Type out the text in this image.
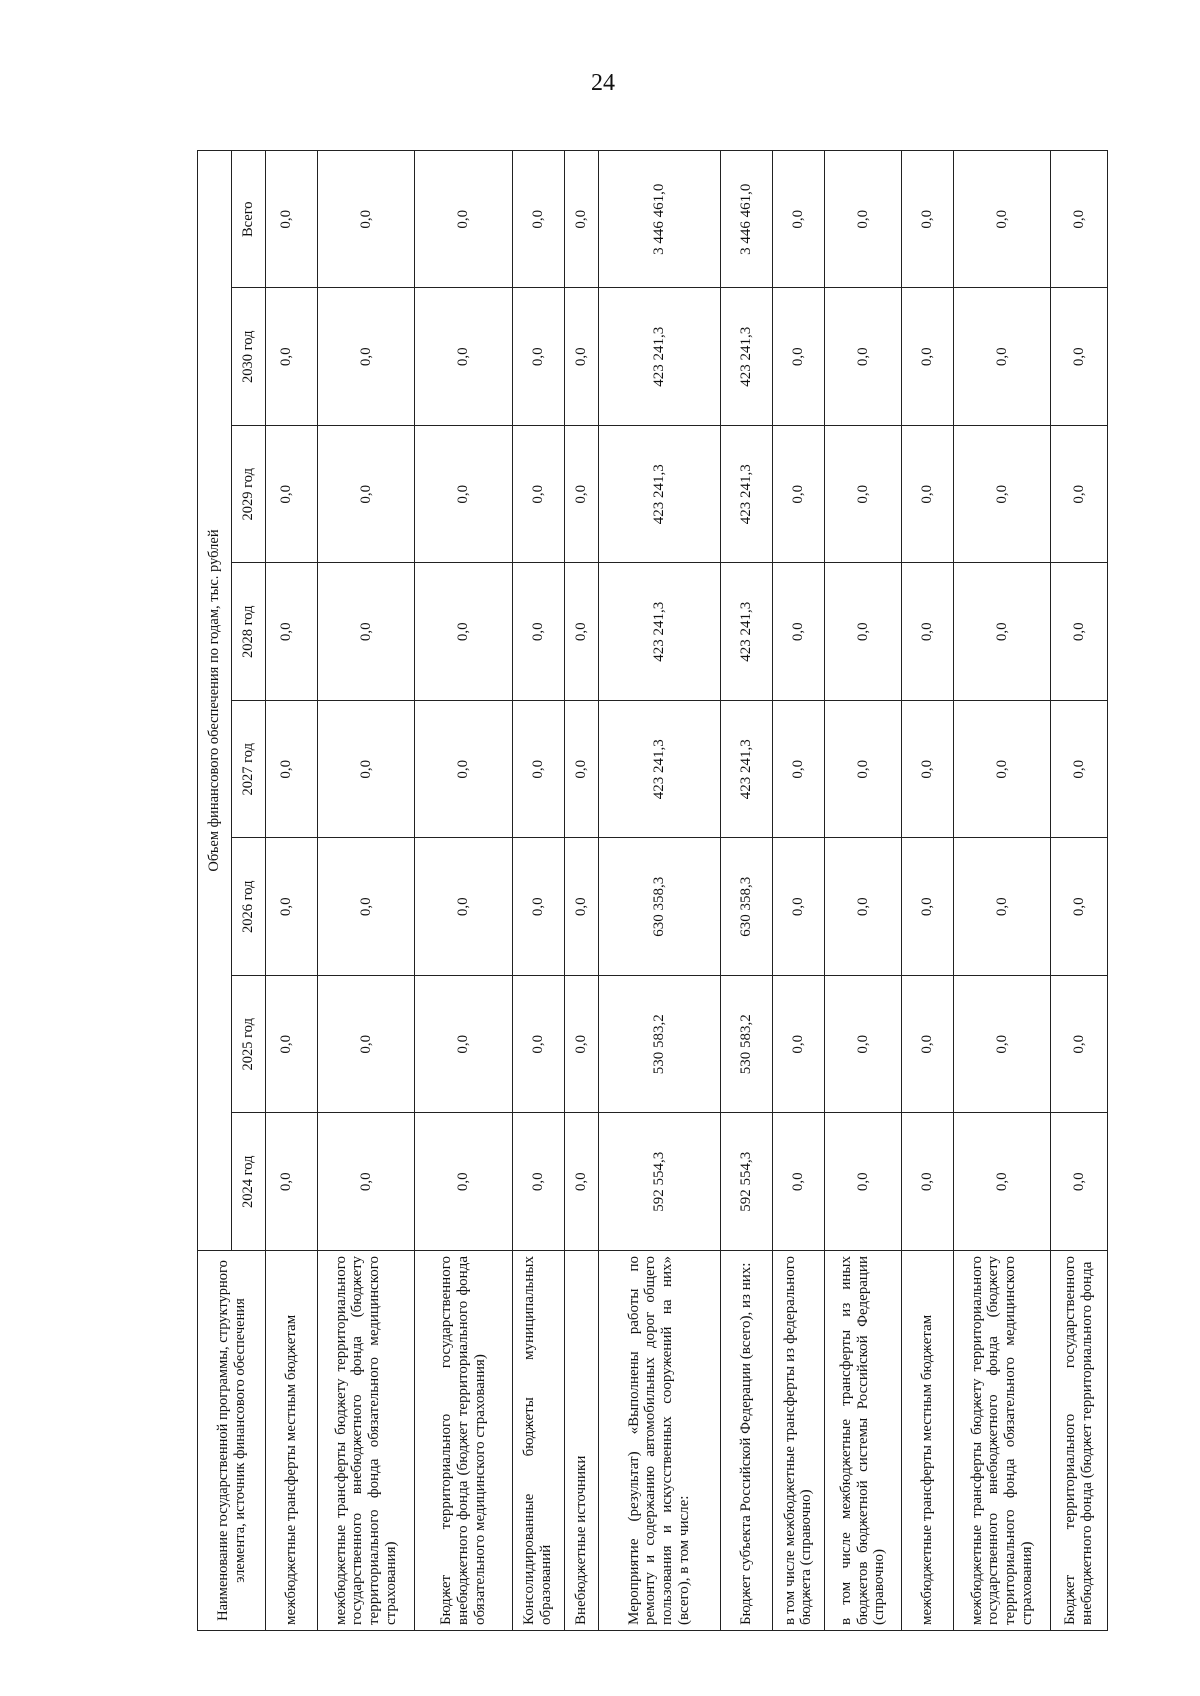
24
Наименование государственной программы, структурного элемента, источник финансового обеспечения	Объем финансового обеспечения по годам, тыс. рублей							
	2024 год	2025 год	2026 год	2027 год	2028 год	2029 год	2030 год	Всего
межбюджетные трансферты местным бюджетам	0,0	0,0	0,0	0,0	0,0	0,0	0,0	0,0
межбюджетные трансферты бюджету территориального государственного внебюджетного фонда (бюджету территориального фонда обязательного медицинского страхования)	0,0	0,0	0,0	0,0	0,0	0,0	0,0	0,0
Бюджет территориального государственного внебюджетного фонда (бюджет территориального фонда обязательного медицинского страхования)	0,0	0,0	0,0	0,0	0,0	0,0	0,0	0,0
Консолидированные бюджеты муниципальных образований	0,0	0,0	0,0	0,0	0,0	0,0	0,0	0,0
Внебюджетные источники	0,0	0,0	0,0	0,0	0,0	0,0	0,0	0,0
Мероприятие (результат) «Выполнены работы по ремонту и содержанию автомобильных дорог общего пользования и искусственных сооружений на них» (всего), в том числе:	592 554,3	530 583,2	630 358,3	423 241,3	423 241,3	423 241,3	423 241,3	3 446 461,0
Бюджет субъекта Российской Федерации (всего), из них:	592 554,3	530 583,2	630 358,3	423 241,3	423 241,3	423 241,3	423 241,3	3 446 461,0
в том числе межбюджетные трансферты из федерального бюджета (справочно)	0,0	0,0	0,0	0,0	0,0	0,0	0,0	0,0
в том числе межбюджетные трансферты из иных бюджетов бюджетной системы Российской Федерации (справочно)	0,0	0,0	0,0	0,0	0,0	0,0	0,0	0,0
межбюджетные трансферты местным бюджетам	0,0	0,0	0,0	0,0	0,0	0,0	0,0	0,0
межбюджетные трансферты бюджету территориального государственного внебюджетного фонда (бюджету территориального фонда обязательного медицинского страхования)	0,0	0,0	0,0	0,0	0,0	0,0	0,0	0,0
Бюджет территориального государственного внебюджетного фонда (бюджет территориального фонда	0,0	0,0	0,0	0,0	0,0	0,0	0,0	0,0
